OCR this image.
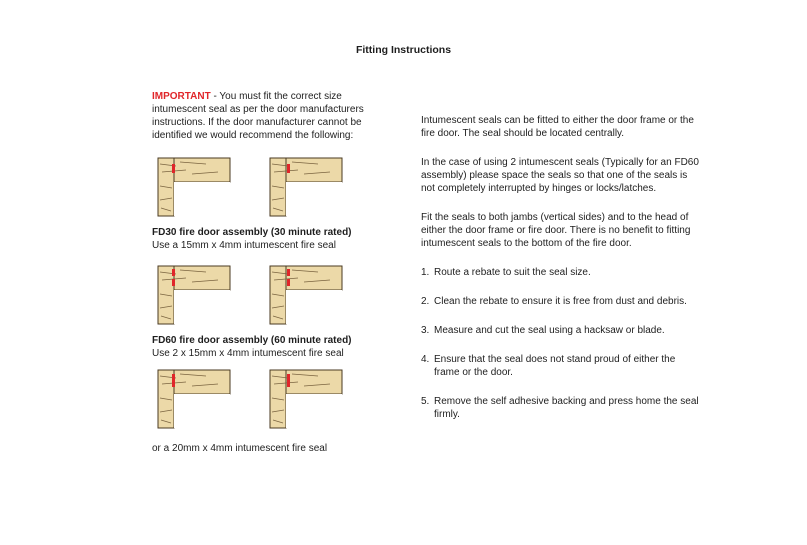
Fitting Instructions

IMPORTANT - You must fit the correct size intumescent seal as per the door manufacturers instructions. If the door manufacturer cannot be identified we would recommend the following:

FD30 fire door assembly (30 minute rated)

Use a 15mm x 4mm intumescent fire seal

FD60 fire door assembly (60 minute rated)

Use 2 x 15mm x 4mm intumescent fire seal

or a 20mm x 4mm intumescent fire seal

Intumescent seals can be fitted to either the door frame or the fire door. The seal should be located centrally.

In the case of using 2 intumescent seals (Typically for an FD60 assembly) please space the seals so that one of the seals is not completely interrupted by hinges or locks/latches.

Fit the seals to both jambs (vertical sides) and to the head of either the door frame or fire door. There is no benefit to fitting intumescent seals to the bottom of the fire door.

1. Route a rebate to suit the seal size.
2. Clean the rebate to ensure it is free from dust and debris.
3. Measure and cut the seal using a hacksaw or blade.
4. Ensure that the seal does not stand proud of either the frame or the door.
5. Remove the self adhesive backing and press home the seal firmly.
